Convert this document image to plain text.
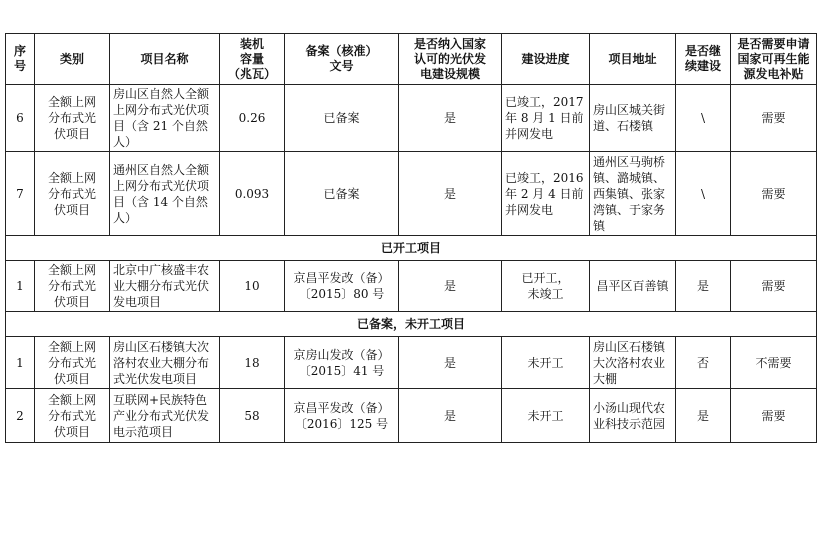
序
号	类别	项目名称	装机
容量
（兆瓦）	备案（核准）
文号	是否纳入国家
认可的光伏发
电建设规模	建设进度	项目地址	是否继
续建设	是否需要申请
国家可再生能
源发电补贴
6	全额上网
分布式光
伏项目	房山区自然人全额
上网分布式光伏项
目（含 21 个自然
人）	0.26	已备案	是	已竣工，2017
年 8 月 1 日前
并网发电	房山区城关街
道、石楼镇	\	需要
7	全额上网
分布式光
伏项目	通州区自然人全额
上网分布式光伏项
目（含 14 个自然
人）	0.093	已备案	是	已竣工，2016
年 2 月 4 日前
并网发电	通州区马驹桥
镇、潞城镇、
西集镇、张家
湾镇、于家务
镇	\	需要
已开工项目									
1	全额上网
分布式光
伏项目	北京中广核盛丰农
业大棚分布式光伏
发电项目	10	京昌平发改（备）
〔2015〕80 号	是	已开工，
未竣工	昌平区百善镇	是	需要
已备案，未开工项目									
1	全额上网
分布式光
伏项目	房山区石楼镇大次
洛村农业大棚分布
式光伏发电项目	18	京房山发改（备）
〔2015〕41 号	是	未开工	房山区石楼镇
大次洛村农业
大棚	否	不需要
2	全额上网
分布式光
伏项目	互联网+民族特色
产业分布式光伏发
电示范项目	58	京昌平发改（备）
〔2016〕125 号	是	未开工	小汤山现代农
业科技示范园	是	需要
